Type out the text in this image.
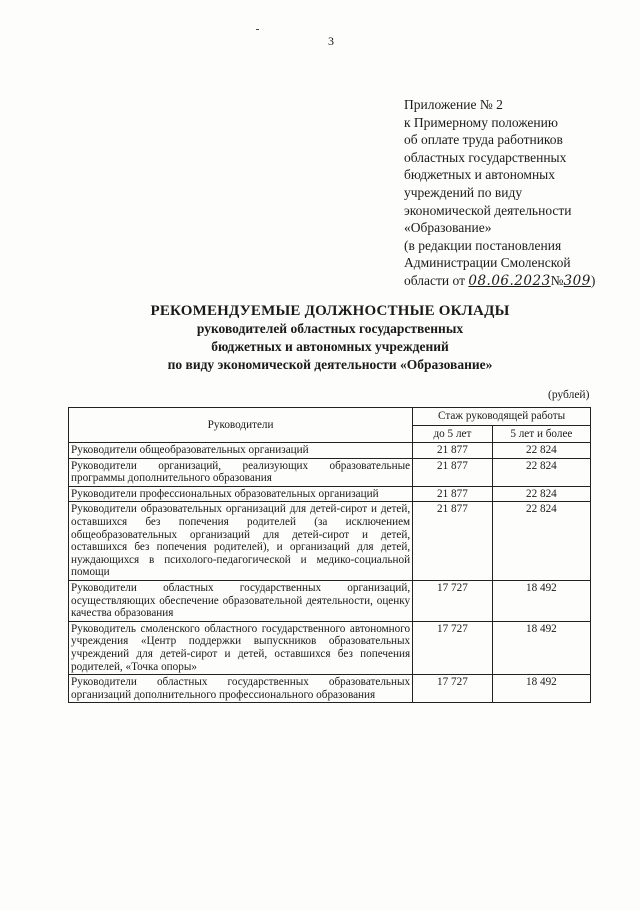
3
Приложение № 2
к Примерному положению
об оплате труда работников
областных государственных
бюджетных и автономных
учреждений по виду
экономической деятельности
«Образование»
(в редакции постановления
Администрации Смоленской
области от 08.06.2023№309)
РЕКОМЕНДУЕМЫЕ ДОЛЖНОСТНЫЕ ОКЛАДЫ
руководителей областных государственных
бюджетных и автономных учреждений
по виду экономической деятельности «Образование»
(рублей)
Руководители	Стаж руководящей работы	
	до 5 лет	5 лет и более
Руководители общеобразовательных организаций	21 877	22 824
Руководители организаций, реализующих образовательные программы дополнительного образования	21 877	22 824
Руководители профессиональных образовательных организаций	21 877	22 824
Руководители образовательных организаций для детей-сирот и детей, оставшихся без попечения родителей (за исключением общеобразовательных организаций для детей-сирот и детей, оставшихся без попечения родителей), и организаций для детей, нуждающихся в психолого-педагогической и медико-социальной помощи	21 877	22 824
Руководители областных государственных организаций, осуществляющих обеспечение образовательной деятельности, оценку качества образования	17 727	18 492
Руководитель смоленского областного государственного автономного учреждения «Центр поддержки выпускников образовательных учреждений для детей-сирот и детей, оставшихся без попечения родителей, «Точка опоры»	17 727	18 492
Руководители областных государственных образовательных организаций дополнительного профессионального образования	17 727	18 492
